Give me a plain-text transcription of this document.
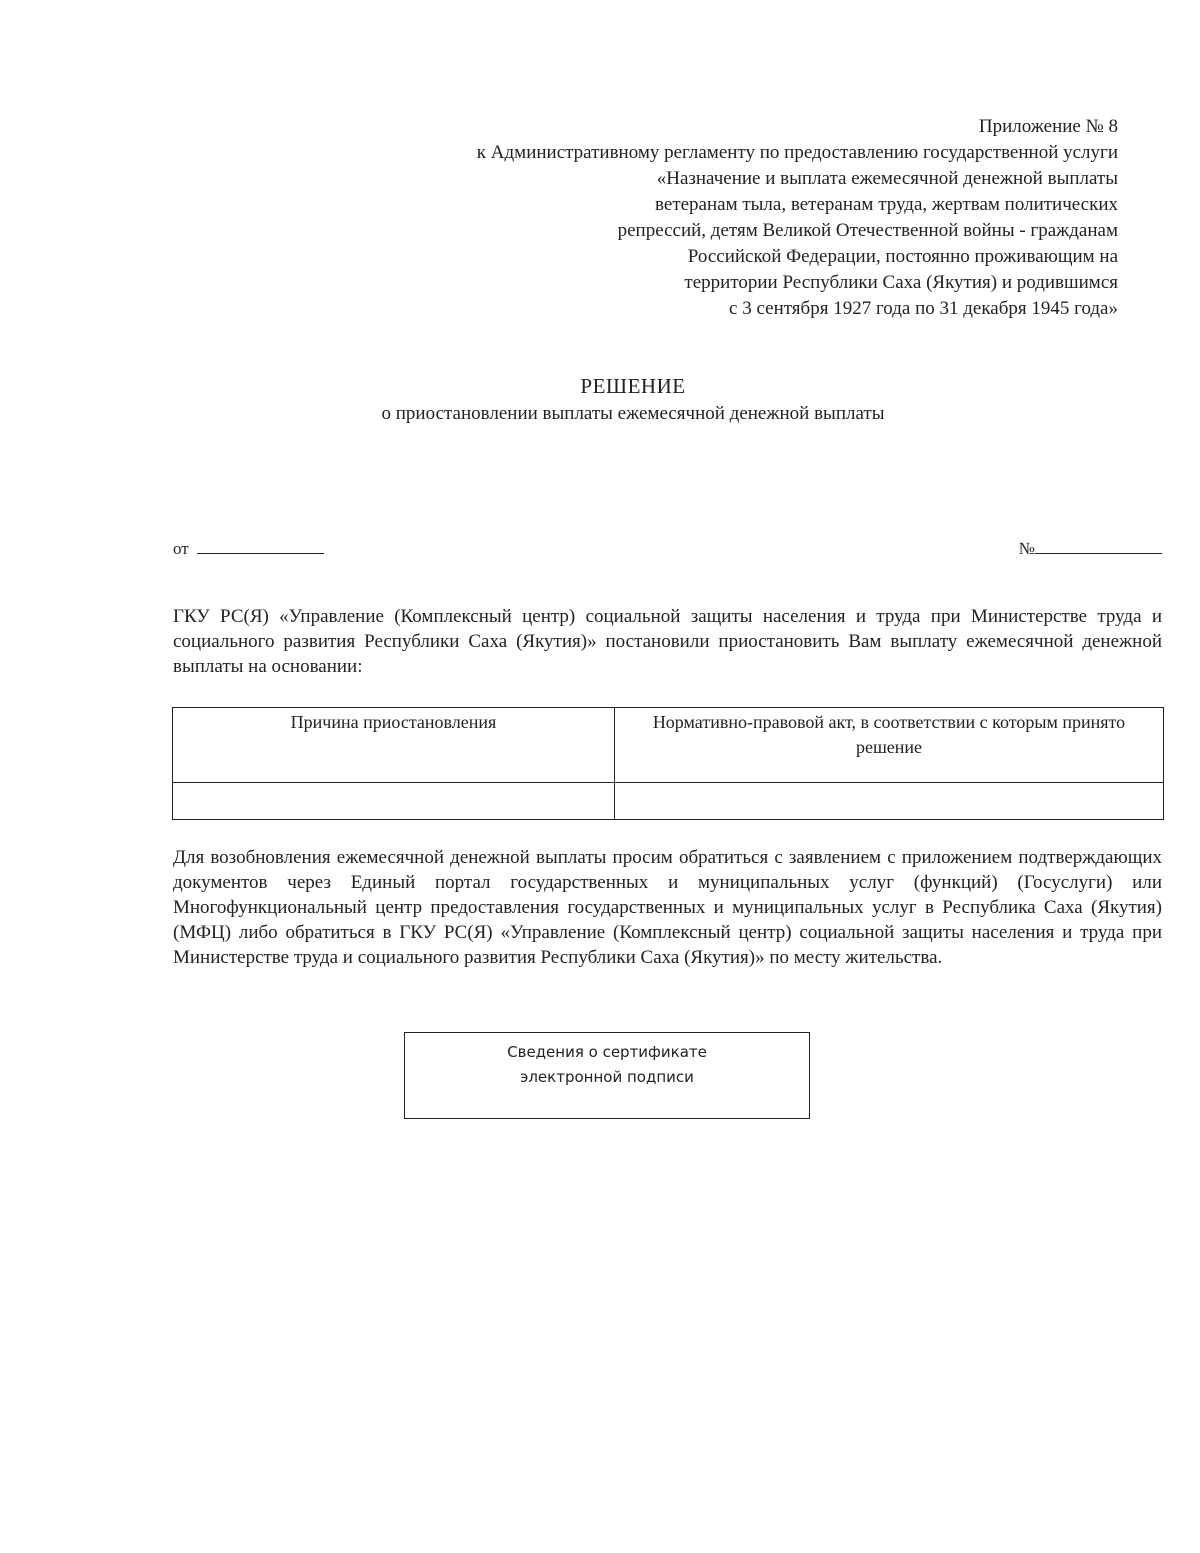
Приложение № 8
к Административному регламенту по предоставлению государственной услуги
«Назначение и выплата ежемесячной денежной выплаты
ветеранам тыла, ветеранам труда, жертвам политических
репрессий, детям Великой Отечественной войны - гражданам
Российской Федерации, постоянно проживающим на
территории Республики Саха (Якутия) и родившимся
с 3 сентября 1927 года по 31 декабря 1945 года»
РЕШЕНИЕ
о приостановлении выплаты ежемесячной денежной выплаты
от	№
ГКУ РС(Я) «Управление (Комплексный центр) социальной защиты населения и труда при Министерстве труда и социального развития Республики Саха (Якутия)» постановили приостановить Вам выплату ежемесячной денежной выплаты на основании:
Причина приостановления	Нормативно-правовой акт, в соответствии с которым принято решение

Для возобновления ежемесячной денежной выплаты просим обратиться с заявлением с приложением подтверждающих документов через Единый портал государственных и муниципальных услуг (функций) (Госуслуги) или Многофункциональный центр предоставления государственных и муниципальных услуг в Республика Саха (Якутия) (МФЦ) либо обратиться в ГКУ РС(Я) «Управление (Комплексный центр) социальной защиты населения и труда при Министерстве труда и социального развития Республики Саха (Якутия)» по месту жительства.
Сведения о сертификате
электронной подписи
